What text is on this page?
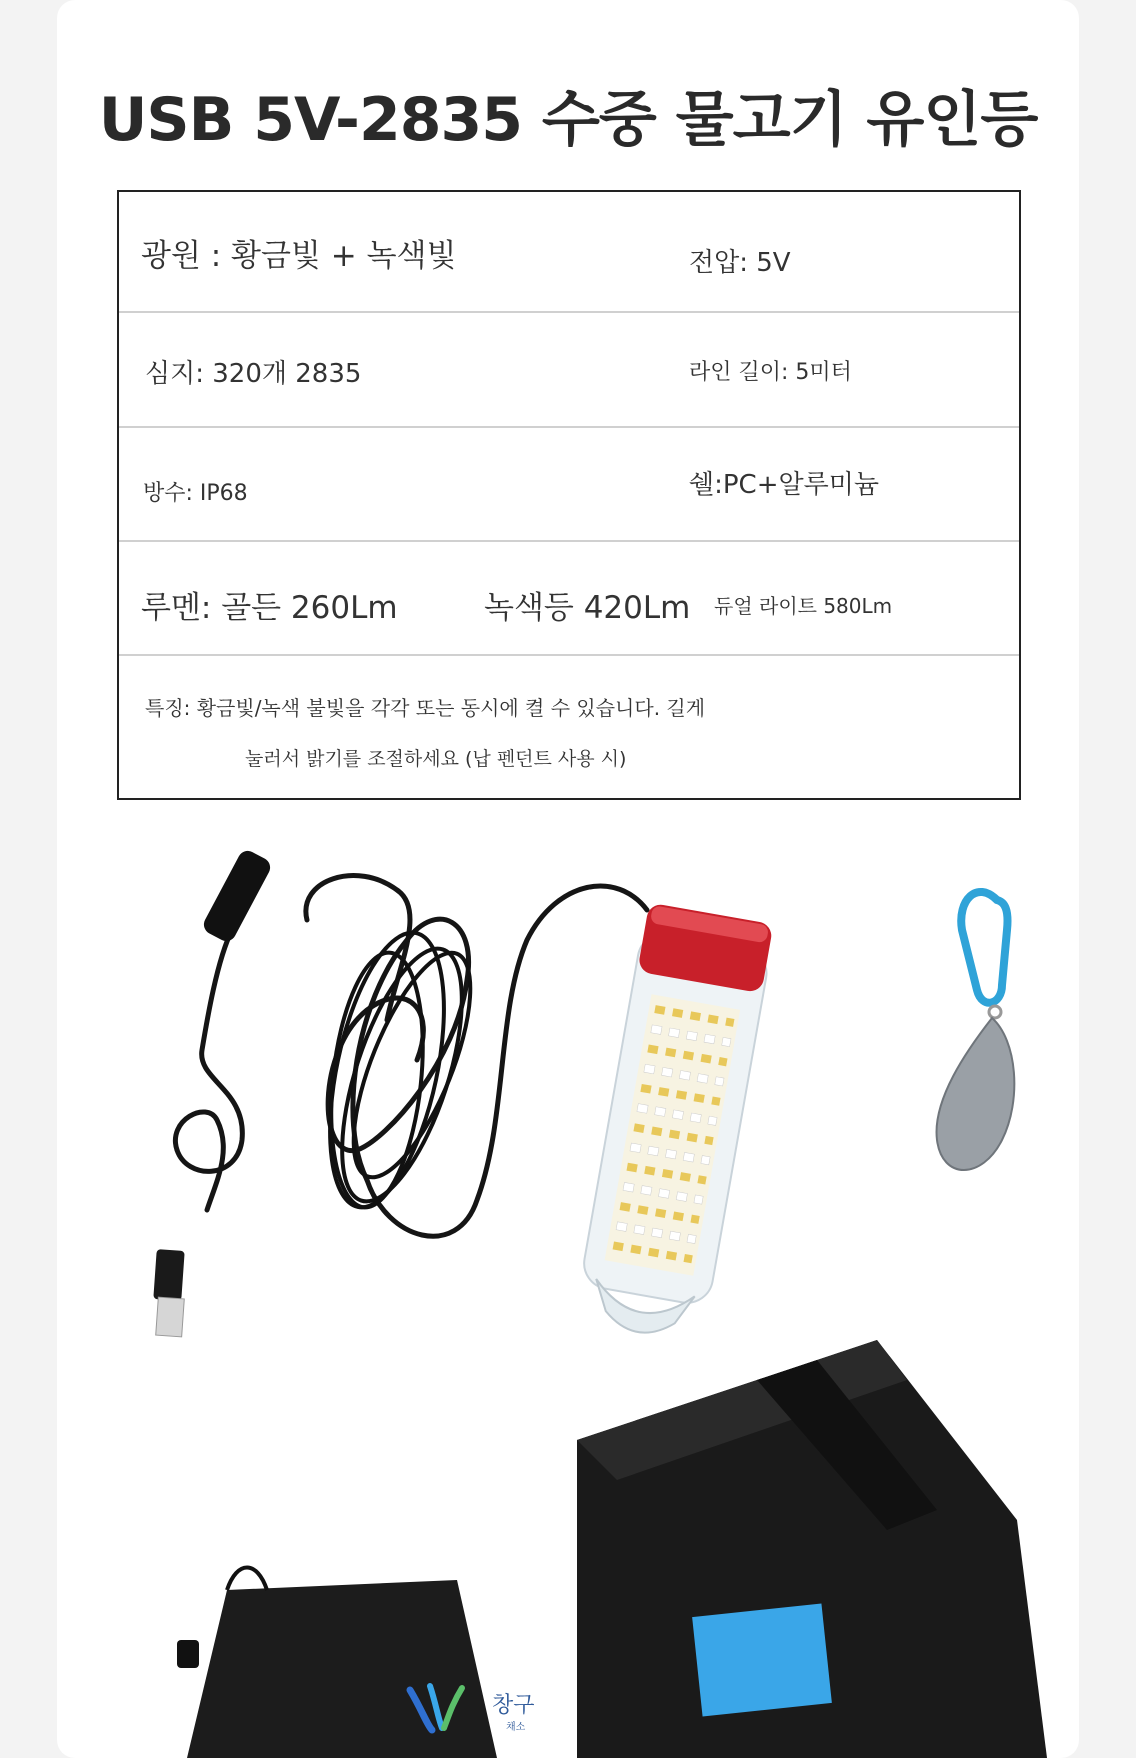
USB 5V-2835 수중 물고기 유인등
광원 : 황금빛 + 녹색빛	전압: 5V
심지: 320개 2835	라인 길이: 5미터
방수: IP68	쉘:PC+알루미늄
루멘: 골든 260Lm	녹색등 420Lm 듀얼 라이트 580Lm
특징: 황금빛/녹색 불빛을 각각 또는 동시에 켤 수 있습니다. 길게
눌러서 밝기를 조절하세요 (납 펜던트 사용 시)
창구
채소
